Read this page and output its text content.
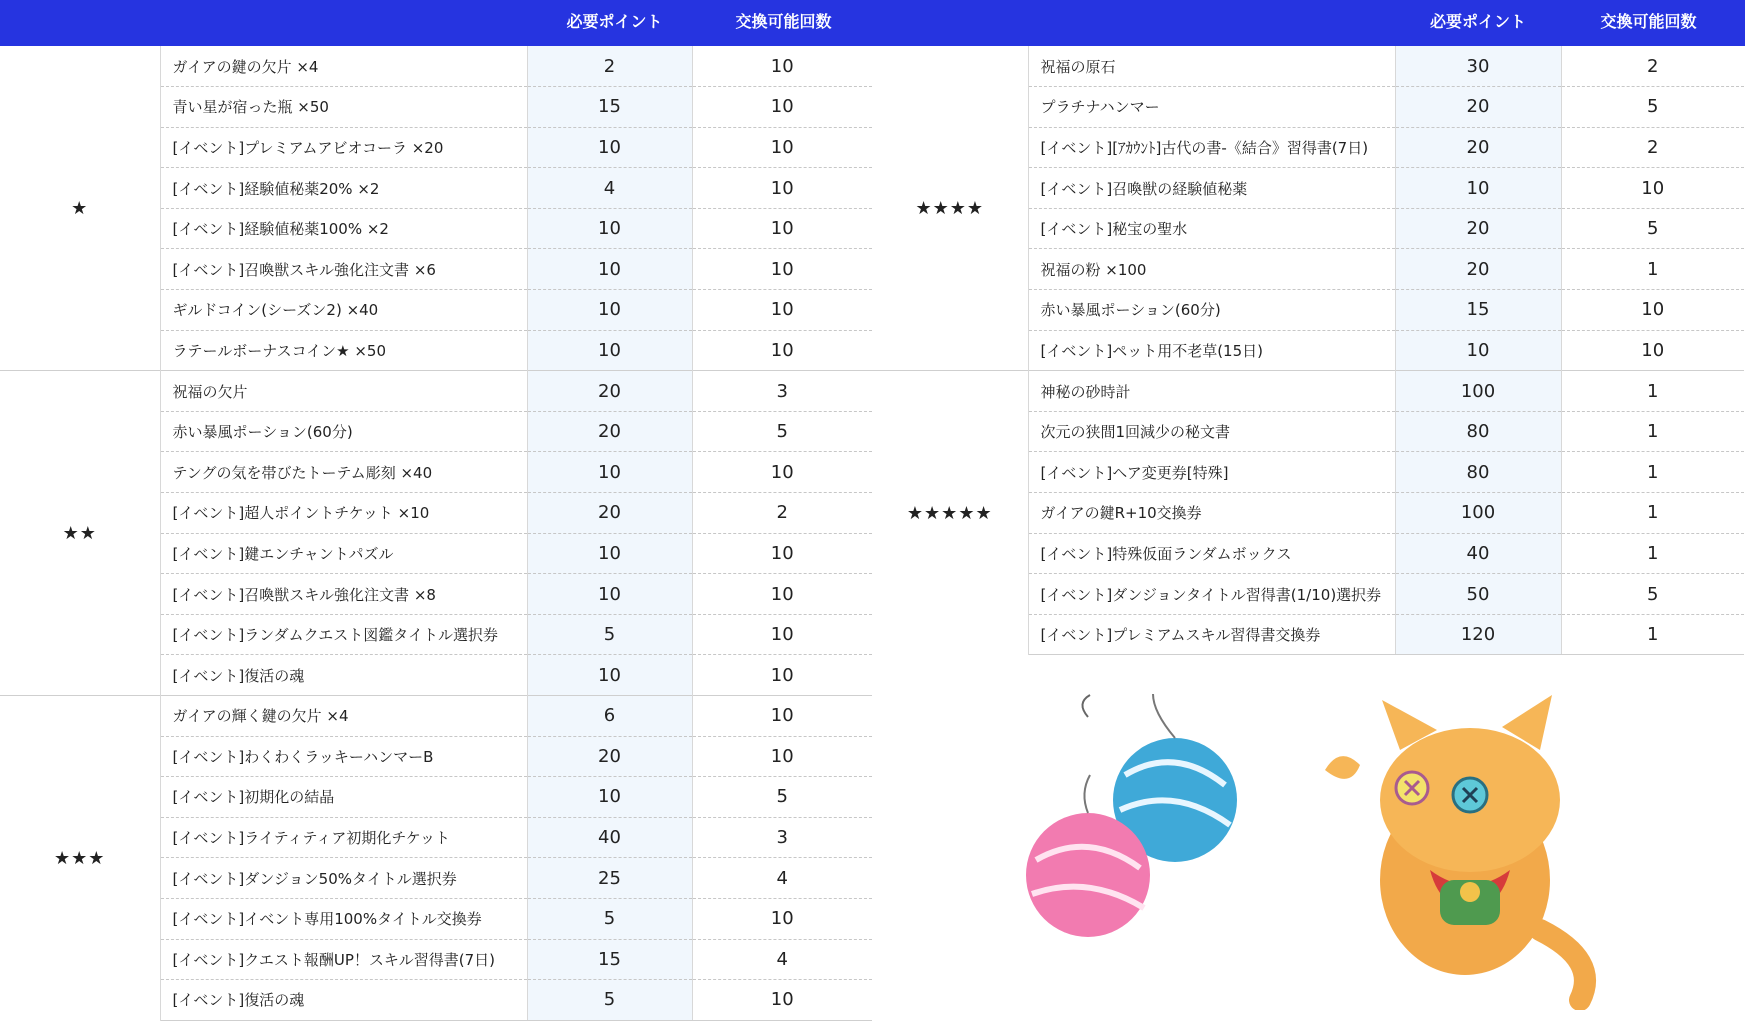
必要ポイント	交換可能回数	必要ポイント	交換可能回数
★	ガイアの鍵の欠片 ×4	2	10
	青い星が宿った瓶 ×50	15	10
	[イベント]プレミアムアビオコーラ ×20	10	10
	[イベント]経験値秘薬20% ×2	4	10
	[イベント]経験値秘薬100% ×2	10	10
	[イベント]召喚獣スキル強化注文書 ×6	10	10
	ギルドコイン(シーズン2) ×40	10	10
	ラテールボーナスコイン★ ×50	10	10
★★	祝福の欠片	20	3
	赤い暴風ポーション(60分)	20	5
	テングの気を帯びたトーテム彫刻 ×40	10	10
	[イベント]超人ポイントチケット ×10	20	2
	[イベント]鍵エンチャントパズル	10	10
	[イベント]召喚獣スキル強化注文書 ×8	10	10
	[イベント]ランダムクエスト図鑑タイトル選択券	5	10
	[イベント]復活の魂	10	10
★★★	ガイアの輝く鍵の欠片 ×4	6	10
	[イベント]わくわくラッキーハンマーB	20	10
	[イベント]初期化の結晶	10	5
	[イベント]ライティティア初期化チケット	40	3
	[イベント]ダンジョン50%タイトル選択券	25	4
	[イベント]イベント専用100%タイトル交換券	5	10
	[イベント]クエスト報酬UP！スキル習得書(7日)	15	4
	[イベント]復活の魂	5	10
★★★★	祝福の原石	30	2
	プラチナハンマー	20	5
	[イベント][ｱｶｳﾝﾄ]古代の書-《結合》習得書(7日)	20	2
	[イベント]召喚獣の経験値秘薬	10	10
	[イベント]秘宝の聖水	20	5
	祝福の粉 ×100	20	1
	赤い暴風ポーション(60分)	15	10
	[イベント]ペット用不老草(15日)	10	10
★★★★★	神秘の砂時計	100	1
	次元の狭間1回減少の秘文書	80	1
	[イベント]ヘア変更券[特殊]	80	1
	ガイアの鍵R+10交換券	100	1
	[イベント]特殊仮面ランダムボックス	40	1
	[イベント]ダンジョンタイトル習得書(1/10)選択券	50	5
	[イベント]プレミアムスキル習得書交換券	120	1
